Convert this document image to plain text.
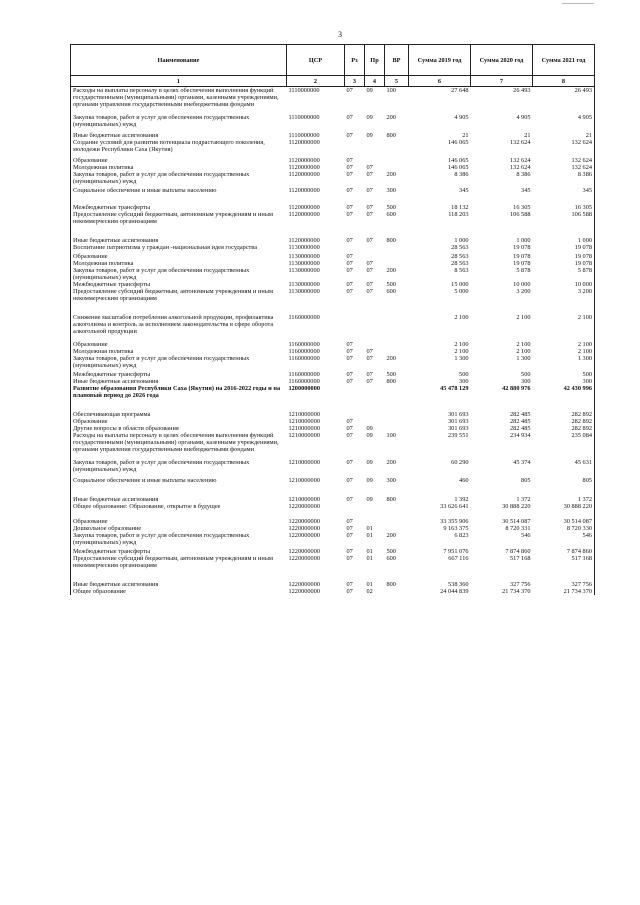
3
Наименование	ЦСР	Рз	Пр	ВР	Сумма 2019 год	Сумма 2020 год	Сумма 2021 год
1	2	3	4	5	6	7	8
Расходы на выплаты персоналу в целях обеспечения выполнения функций государственными (муниципальными) органами, казенными учреждениями, органами управления государственными внебюджетными фондами	1110000000	07	09	100	27 648	26 493	26 493
Закупка товаров, работ и услуг для обеспечения государственных (муниципальных) нужд	1110000000	07	09	200	4 905	4 905	4 905
Иные бюджетные ассигнования	1110000000	07	09	800	21	21	21
Создание условий для развития потенциала подрастающего поколения, молодежи Республики Саха (Якутия)	1120000000				146 065	132 624	132 624
Образование	1120000000	07			146 065	132 624	132 624
Молодежная политика	1120000000	07	07		146 065	132 624	132 624
Закупка товаров, работ и услуг для обеспечения государственных (муниципальных) нужд	1120000000	07	07	200	8 386	8 386	8 386
Социальное обеспечение и иные выплаты населению	1120000000	07	07	300	345	345	345
Межбюджетные трансферты	1120000000	07	07	500	18 132	16 305	16 305
Предоставление субсидий бюджетным, автономным учреждениям и иным некоммерческим организациям	1120000000	07	07	600	118 203	106 588	106 588
Иные бюджетные ассигнования	1120000000	07	07	800	1 000	1 000	1 000
Воспитание патриотизма у граждан -национальная идея государства	1130000000				28 563	19 078	19 078
Образование	1130000000	07			28 563	19 078	19 078
Молодежная политика	1130000000	07	07		28 563	19 078	19 078
Закупка товаров, работ и услуг для обеспечения государственных (муниципальных) нужд	1130000000	07	07	200	8 563	5 878	5 878
Межбюджетные трансферты	1130000000	07	07	500	15 000	10 000	10 000
Предоставление субсидий бюджетным, автономным учреждениям и иным некоммерческим организациям	1130000000	07	07	600	5 000	3 200	3 200
Снижение масштабов потребления алкогольной продукции, профилактика алкоголизма и контроль за исполнением законодательства в сфере оборота алкогольной продукции	1160000000				2 100	2 100	2 100
Образование	1160000000	07			2 100	2 100	2 100
Молодежная политика	1160000000	07	07		2 100	2 100	2 100
Закупка товаров, работ и услуг для обеспечения государственных (муниципальных) нужд	1160000000	07	07	200	1 300	1 300	1 300
Межбюджетные трансферты	1160000000	07	07	500	500	500	500
Иные бюджетные ассигнования	1160000000	07	07	800	300	300	300
Развитие образования Республики Саха (Якутия) на 2016-2022 годы и на плановый период до 2026 года	1200000000				45 478 129	42 880 976	42 430 996
Обеспечивающая программа	1210000000				301 693	282 485	282 892
Образование	1210000000	07			301 693	282 485	282 892
Другие вопросы в области образования	1210000000	07	09		301 693	282 485	282 892
Расходы на выплаты персоналу в целях обеспечения выполнения функций государственными (муниципальными) органами, казенными учреждениями, органами управления государственными внебюджетными фондами	1210000000	07	09	100	239 551	234 934	235 084
Закупка товаров, работ и услуг для обеспечения государственных (муниципальных) нужд	1210000000	07	09	200	60 290	45 374	45 631
Социальное обеспечение и иные выплаты населению	1210000000	07	09	300	460	805	805
Иные бюджетные ассигнования	1210000000	07	09	800	1 392	1 372	1 372
Общее образование: Образование, открытое в будущее	1220000000				33 626 641	30 888 220	30 888 220
Образование	1220000000	07			33 355 906	30 514 087	30 514 087
Дошкольное образование	1220000000	07	01		9 163 375	8 720 331	8 720 330
Закупка товаров, работ и услуг для обеспечения государственных (муниципальных) нужд	1220000000	07	01	200	6 823	546	546
Межбюджетные трансферты	1220000000	07	01	500	7 951 076	7 874 860	7 874 860
Предоставление субсидий бюджетным, автономным учреждениям и иным некоммерческим организациям	1220000000	07	01	600	667 116	517 168	517 168
Иные бюджетные ассигнования	1220000000	07	01	800	538 360	327 756	327 756
Общее образование	1220000000	07	02		24 044 839	21 734 370	21 734 370
